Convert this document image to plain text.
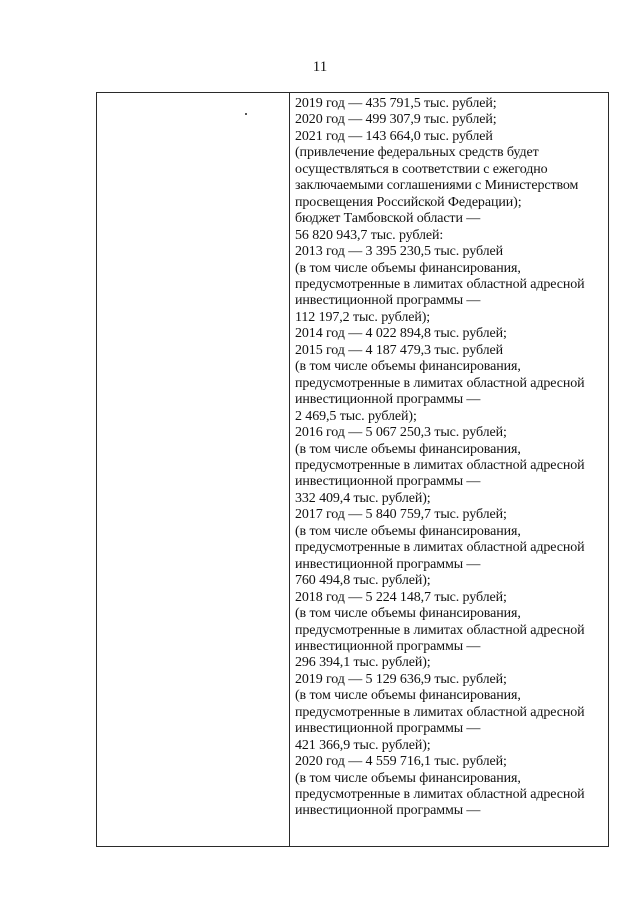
11
2019 год — 435 791,5 тыс. рублей;
2020 год — 499 307,9 тыс. рублей;
2021 год — 143 664,0 тыс. рублей
(привлечение федеральных средств будет
осуществляться в соответствии с ежегодно
заключаемыми соглашениями с Министерством
просвещения Российской Федерации);
бюджет Тамбовской области —
56 820 943,7 тыс. рублей:
2013 год — 3 395 230,5 тыс. рублей
(в том числе объемы финансирования,
предусмотренные в лимитах областной адресной
инвестиционной программы —
112 197,2 тыс. рублей);
2014 год — 4 022 894,8 тыс. рублей;
2015 год — 4 187 479,3 тыс. рублей
(в том числе объемы финансирования,
предусмотренные в лимитах областной адресной
инвестиционной программы —
2 469,5 тыс. рублей);
2016 год — 5 067 250,3 тыс. рублей;
(в том числе объемы финансирования,
предусмотренные в лимитах областной адресной
инвестиционной программы —
332 409,4 тыс. рублей);
2017 год — 5 840 759,7 тыс. рублей;
(в том числе объемы финансирования,
предусмотренные в лимитах областной адресной
инвестиционной программы —
760 494,8 тыс. рублей);
2018 год — 5 224 148,7 тыс. рублей;
(в том числе объемы финансирования,
предусмотренные в лимитах областной адресной
инвестиционной программы —
296 394,1 тыс. рублей);
2019 год — 5 129 636,9 тыс. рублей;
(в том числе объемы финансирования,
предусмотренные в лимитах областной адресной
инвестиционной программы —
421 366,9 тыс. рублей);
2020 год — 4 559 716,1 тыс. рублей;
(в том числе объемы финансирования,
предусмотренные в лимитах областной адресной
инвестиционной программы —
